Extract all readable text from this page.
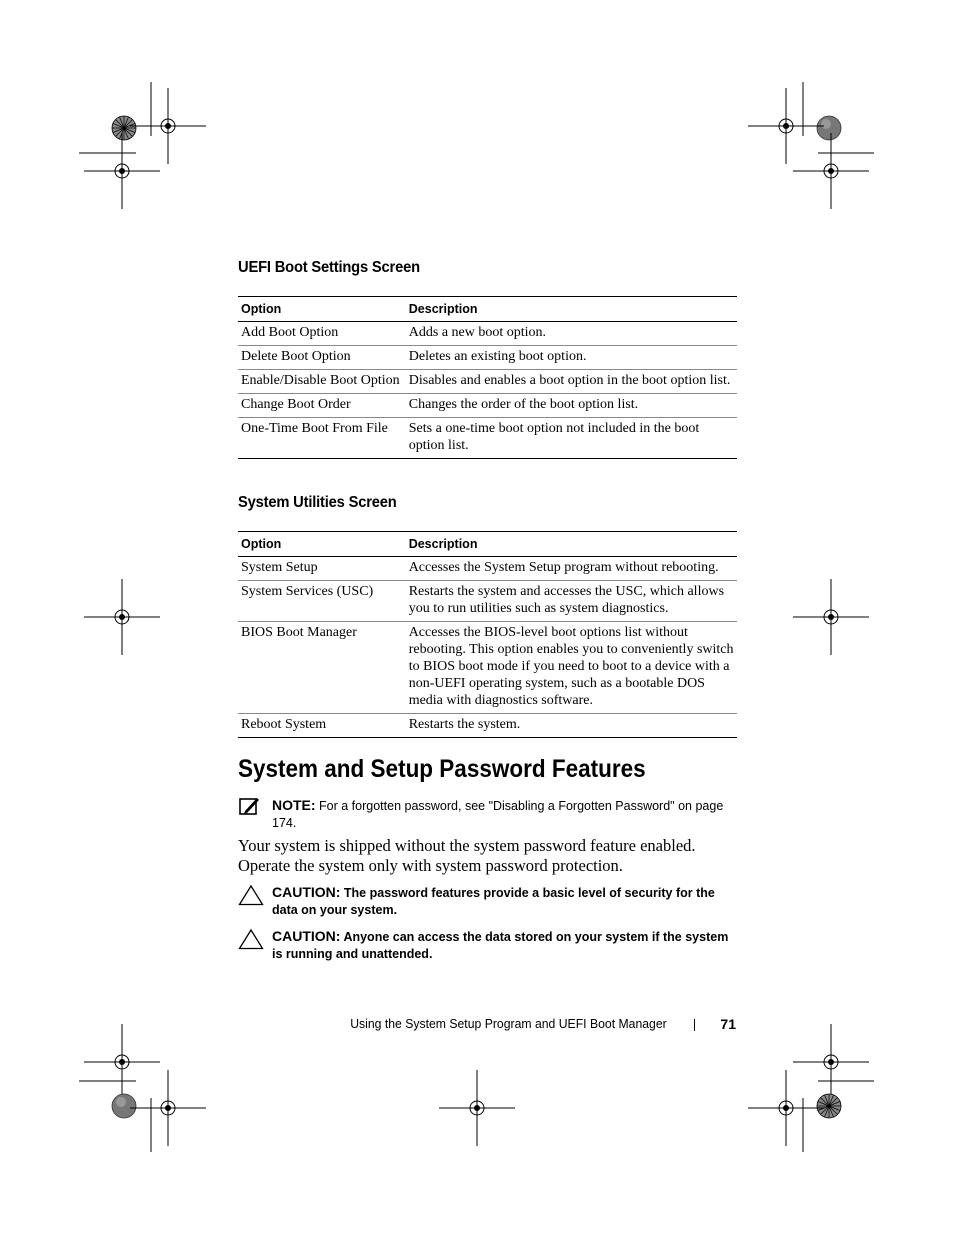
UEFI Boot Settings Screen
Option	Description
Add Boot Option	Adds a new boot option.
Delete Boot Option	Deletes an existing boot option.
Enable/Disable Boot Option	Disables and enables a boot option in the boot option list.
Change Boot Order	Changes the order of the boot option list.
One-Time Boot From File	Sets a one-time boot option not included in the boot option list.
System Utilities Screen
Option	Description
System Setup	Accesses the System Setup program without rebooting.
System Services (USC)	Restarts the system and accesses the USC, which allows you to run utilities such as system diagnostics.
BIOS Boot Manager	Accesses the BIOS-level boot options list without rebooting. This option enables you to conveniently switch to BIOS boot mode if you need to boot to a device with a non-UEFI operating system, such as a bootable DOS media with diagnostics software.
Reboot System	Restarts the system.
System and Setup Password Features
NOTE: For a forgotten password, see "Disabling a Forgotten Password" on page 174.

Your system is shipped without the system password feature enabled. Operate the system only with system password protection.

CAUTION: The password features provide a basic level of security for the data on your system.
CAUTION: Anyone can access the data stored on your system if the system is running and unattended.
Using the System Setup Program and UEFI Boot Manager	71
